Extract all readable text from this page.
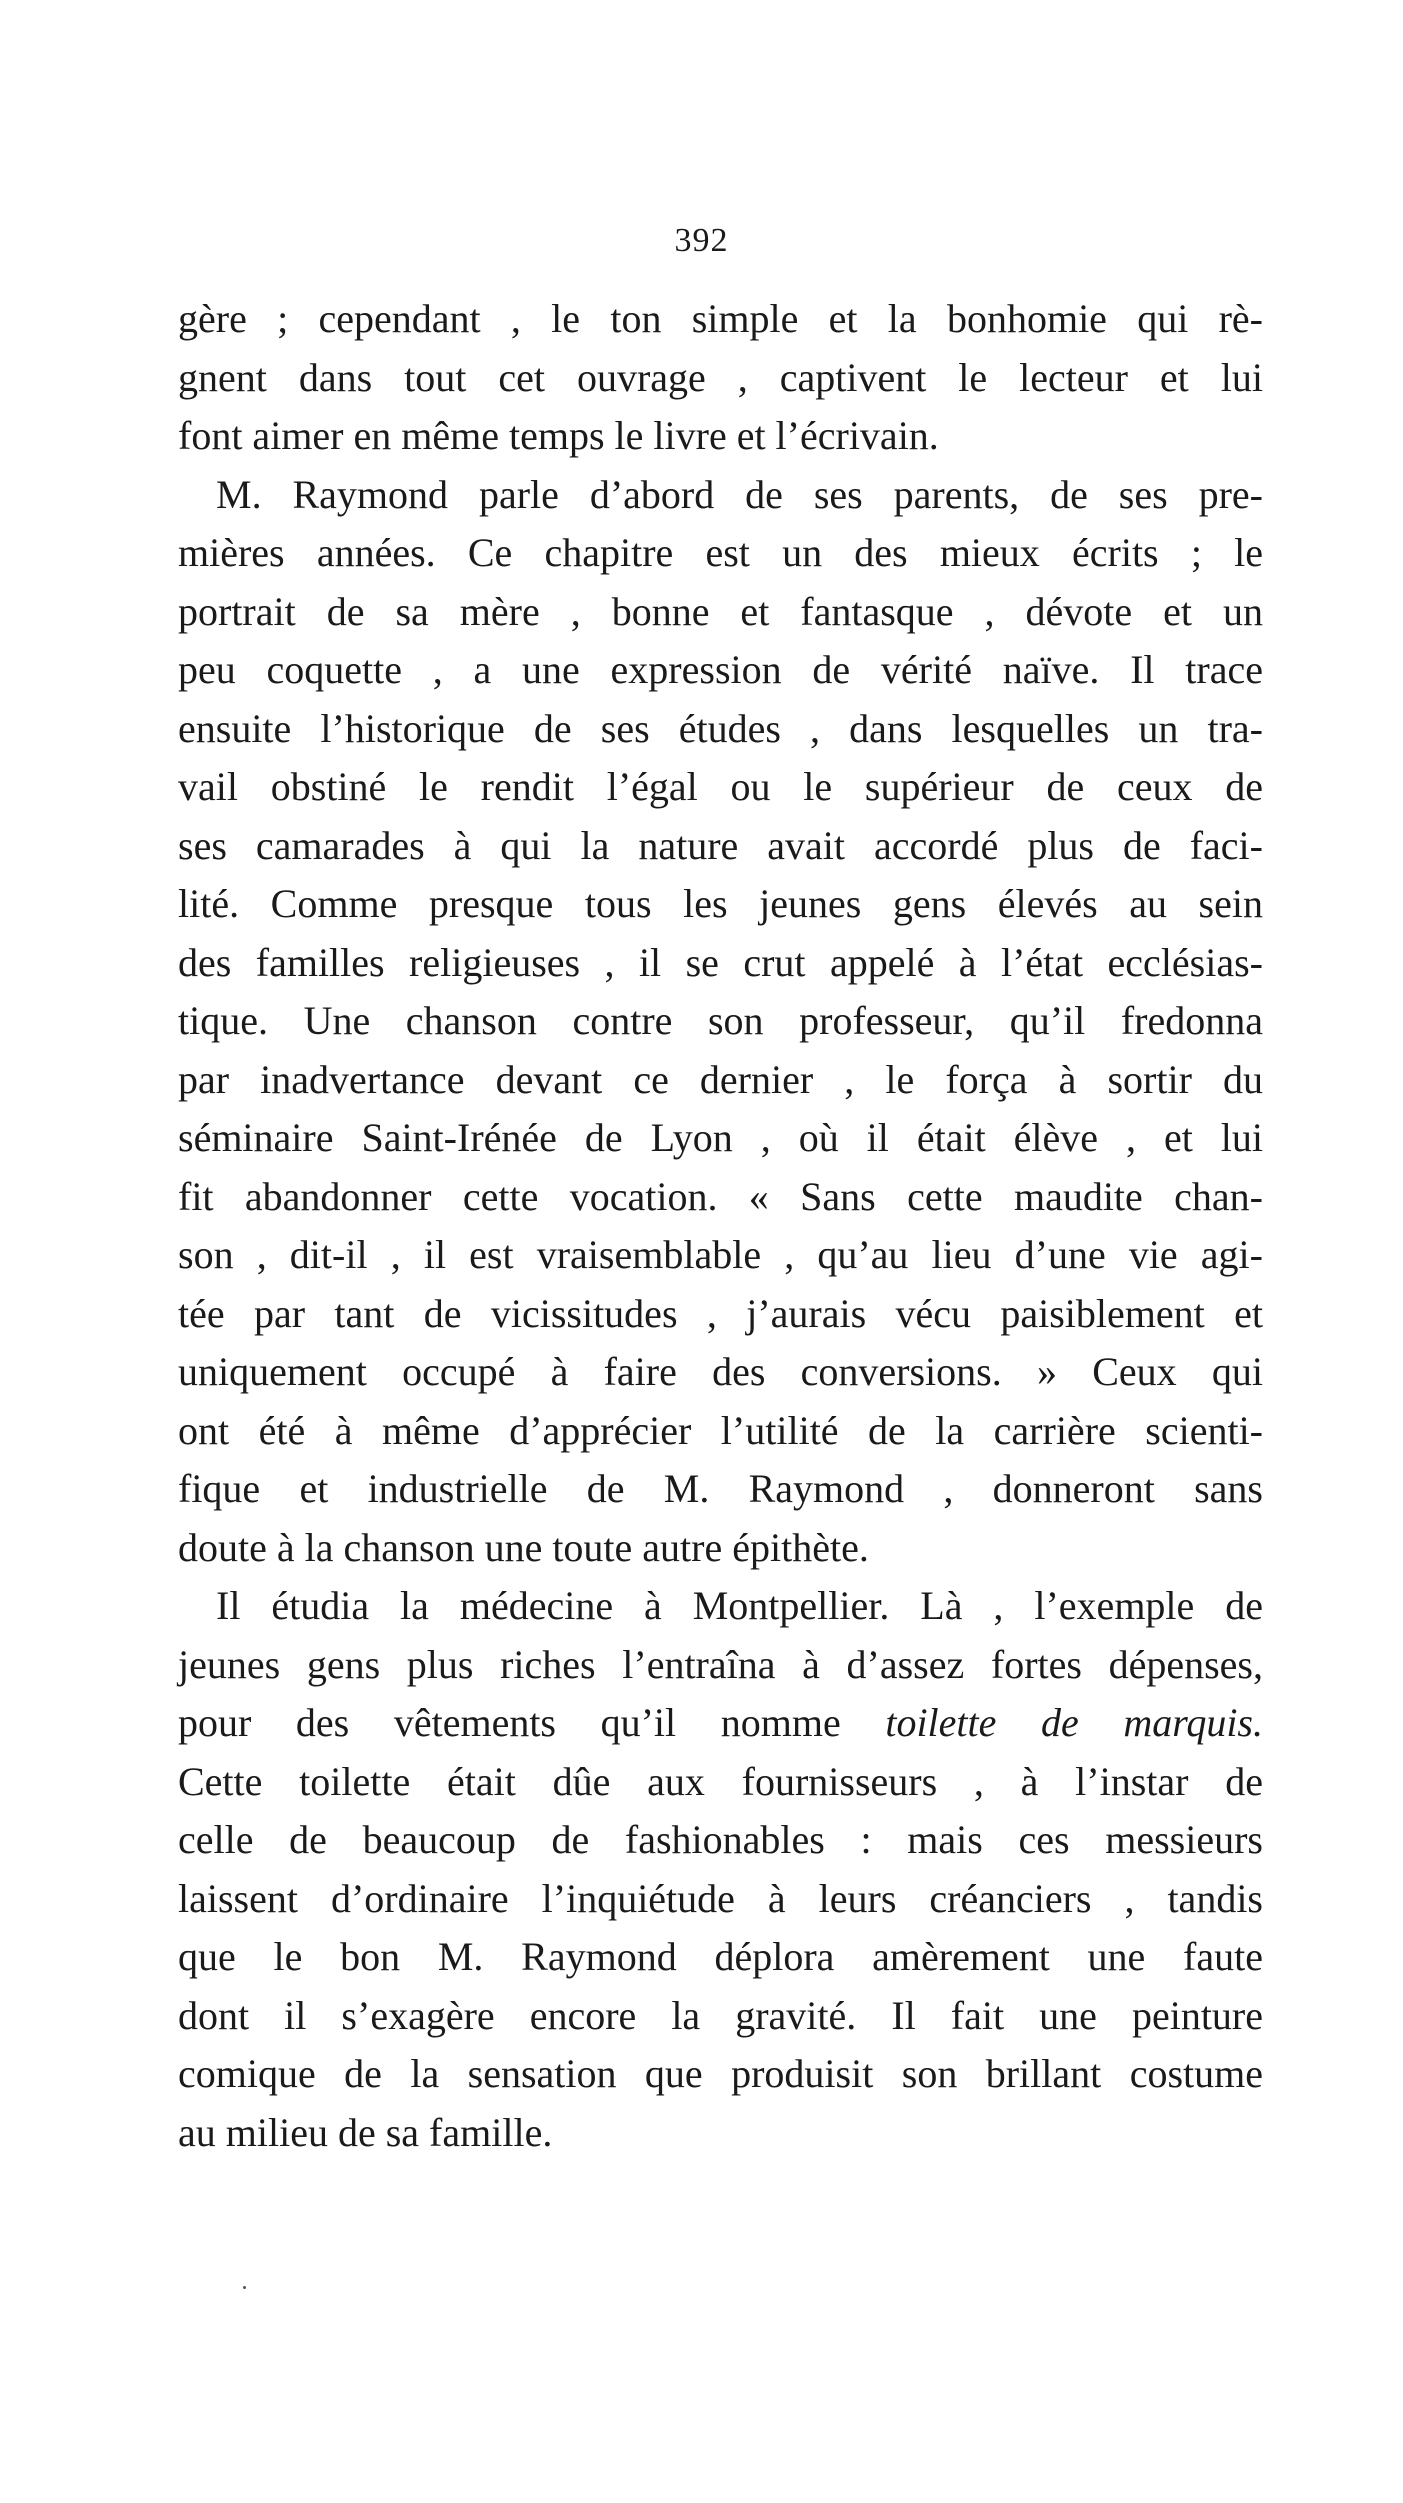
392
gère ; cependant , le ton simple et la bonhomie qui rè-
gnent dans tout cet ouvrage , captivent le lecteur et lui
font aimer en même temps le livre et l’écrivain.
M. Raymond parle d’abord de ses parents, de ses pre-
mières années. Ce chapitre est un des mieux écrits ; le
portrait de sa mère , bonne et fantasque , dévote et un
peu coquette , a une expression de vérité naïve. Il trace
ensuite l’historique de ses études , dans lesquelles un tra-
vail obstiné le rendit l’égal ou le supérieur de ceux de
ses camarades à qui la nature avait accordé plus de faci-
lité. Comme presque tous les jeunes gens élevés au sein
des familles religieuses , il se crut appelé à l’état ecclésias-
tique. Une chanson contre son professeur, qu’il fredonna
par inadvertance devant ce dernier , le força à sortir du
séminaire Saint-Irénée de Lyon , où il était élève , et lui
fit abandonner cette vocation. « Sans cette maudite chan-
son , dit-il , il est vraisemblable , qu’au lieu d’une vie agi-
tée par tant de vicissitudes , j’aurais vécu paisiblement et
uniquement occupé à faire des conversions. » Ceux qui
ont été à même d’apprécier l’utilité de la carrière scienti-
fique et industrielle de M. Raymond , donneront sans
doute à la chanson une toute autre épithète.
Il étudia la médecine à Montpellier. Là , l’exemple de
jeunes gens plus riches l’entraîna à d’assez fortes dépenses,
pour des vêtements qu’il nomme toilette de marquis.
Cette toilette était dûe aux fournisseurs , à l’instar de
celle de beaucoup de fashionables : mais ces messieurs
laissent d’ordinaire l’inquiétude à leurs créanciers , tandis
que le bon M. Raymond déplora amèrement une faute
dont il s’exagère encore la gravité. Il fait une peinture
comique de la sensation que produisit son brillant costume
au milieu de sa famille.
